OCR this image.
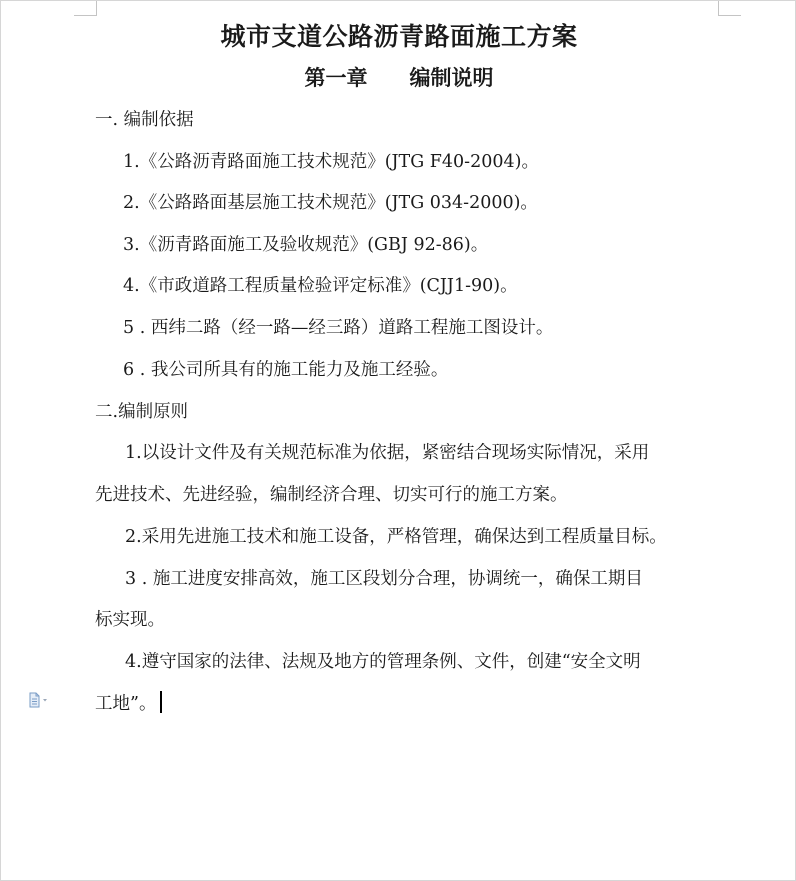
城市支道公路沥青路面施工方案
第一章　　编制说明
一. 编制依据
1.《公路沥青路面施工技术规范》(JTG F40-2004)。
2.《公路路面基层施工技术规范》(JTG 034-2000)。
3.《沥青路面施工及验收规范》(GBJ 92-86)。
4.《市政道路工程质量检验评定标准》(CJJ1-90)。
5 . 西纬二路（经一路—经三路）道路工程施工图设计。
6 . 我公司所具有的施工能力及施工经验。
二.编制原则
1.以设计文件及有关规范标准为依据，紧密结合现场实际情况，采用
先进技术、先进经验，编制经济合理、切实可行的施工方案。
2.采用先进施工技术和施工设备，严格管理，确保达到工程质量目标。
3 . 施工进度安排高效，施工区段划分合理，协调统一，确保工期目
标实现。
4.遵守国家的法律、法规及地方的管理条例、文件，创建“安全文明
工地”。
